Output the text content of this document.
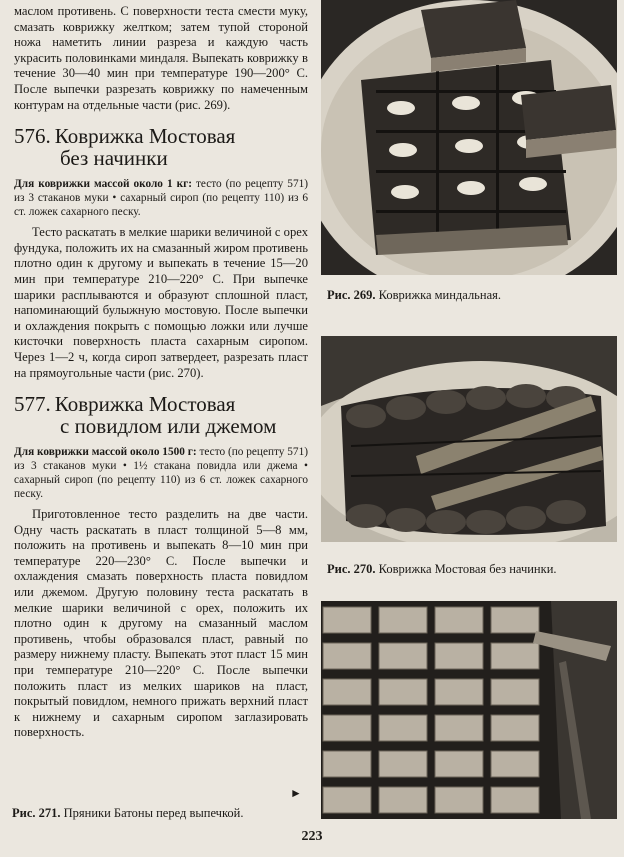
маслом противень. С поверхности теста смести муку, смазать коврижку желтком; затем тупой стороной ножа наметить линии разреза и каждую часть украсить половинками миндаля. Выпекать коврижку в течение 30—40 мин при температуре 190—200° С. После выпечки разрезать коврижку по намеченным контурам на отдельные части (рис. 269).

576. Коврижка Мостовая
без начинки

Для коврижки массой около 1 кг: тесто (по рецепту 571) из 3 стаканов муки • сахарный сироп (по рецепту 110) из 6 ст. ложек сахарного песку.

Тесто раскатать в мелкие шарики величиной с орех фундука, положить их на смазанный жиром противень плотно один к другому и выпекать в течение 15—20 мин при температуре 210—220° С. При выпечке шарики расплываются и образуют сплошной пласт, напоминающий булыжную мостовую. После выпечки и охлаждения покрыть с помощью ложки или лучше кисточки поверхность пласта сахарным сиропом. Через 1—2 ч, когда сироп затвердеет, разрезать пласт на прямоугольные части (рис. 270).

577. Коврижка Мостовая
с повидлом или джемом

Для коврижки массой около 1500 г: тесто (по рецепту 571) из 3 стаканов муки • 1½ стакана повидла или джема • сахарный сироп (по рецепту 110) из 6 ст. ложек сахарного песку.

Приготовленное тесто разделить на две части. Одну часть раскатать в пласт толщиной 5—8 мм, положить на противень и выпекать 8—10 мин при температуре 220—230° С. После выпечки и охлаждения смазать поверхность пласта повидлом или джемом. Другую половину теста раскатать в мелкие шарики величиной с орех, положить их плотно один к другому на смазанный маслом противень, чтобы образовался пласт, равный по размеру нижнему пласту. Выпекать этот пласт 15 мин при температуре 210—220° С. После выпечки положить пласт из мелких шариков на пласт, покрытый повидлом, немного прижать верхний пласт к нижнему и сахарным сиропом заглазировать поверхность.

Рис. 269. Коврижка миндальная.
Рис. 270. Коврижка Мостовая без начинки.
►
Рис. 271. Пряники Батоны перед выпечкой.
223
